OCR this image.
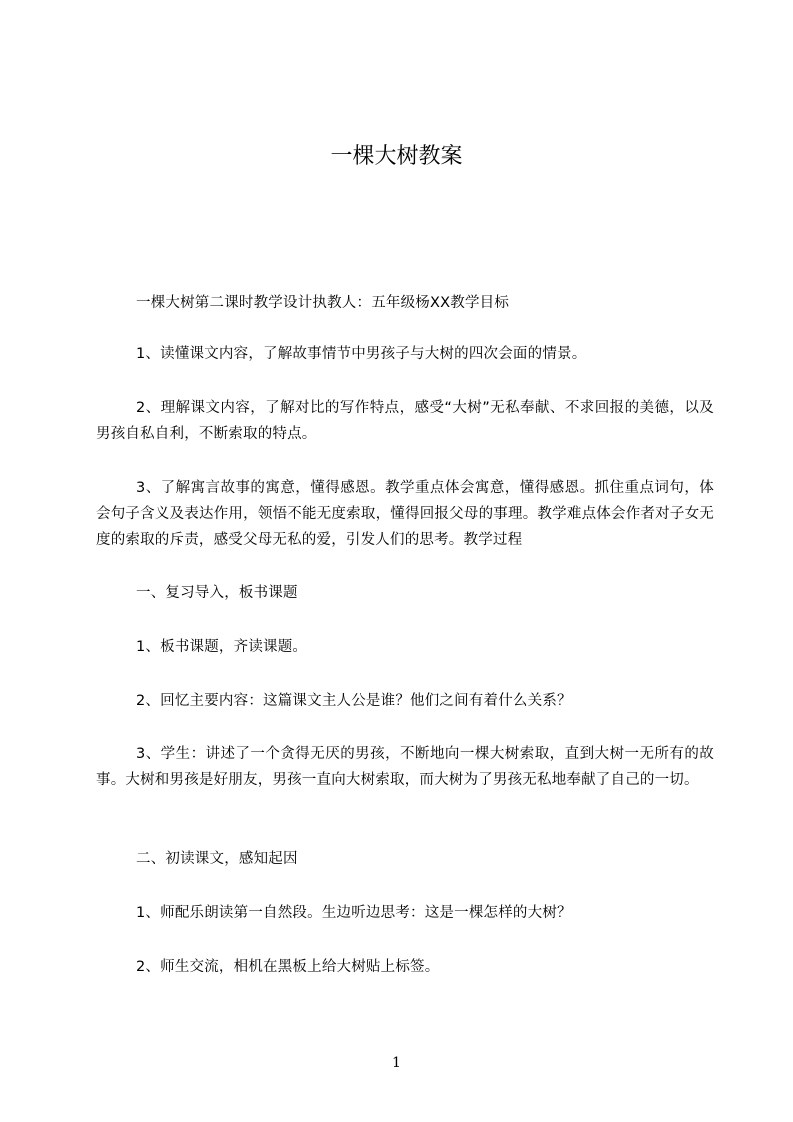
一棵大树教案

一棵大树第二课时教学设计执教人：五年级杨XX教学目标

1、读懂课文内容，了解故事情节中男孩子与大树的四次会面的情景。

2、理解课文内容，了解对比的写作特点，感受“大树”无私奉献、不求回报的美德，以及男孩自私自利，不断索取的特点。

3、了解寓言故事的寓意，懂得感恩。教学重点体会寓意，懂得感恩。抓住重点词句，体会句子含义及表达作用，领悟不能无度索取，懂得回报父母的事理。教学难点体会作者对子女无度的索取的斥责，感受父母无私的爱，引发人们的思考。教学过程

一、复习导入，板书课题

1、板书课题，齐读课题。

2、回忆主要内容：这篇课文主人公是谁？他们之间有着什么关系？

3、学生：讲述了一个贪得无厌的男孩，不断地向一棵大树索取，直到大树一无所有的故事。大树和男孩是好朋友，男孩一直向大树索取，而大树为了男孩无私地奉献了自己的一切。

二、初读课文，感知起因

1、师配乐朗读第一自然段。生边听边思考：这是一棵怎样的大树？

2、师生交流，相机在黑板上给大树贴上标签。

1
